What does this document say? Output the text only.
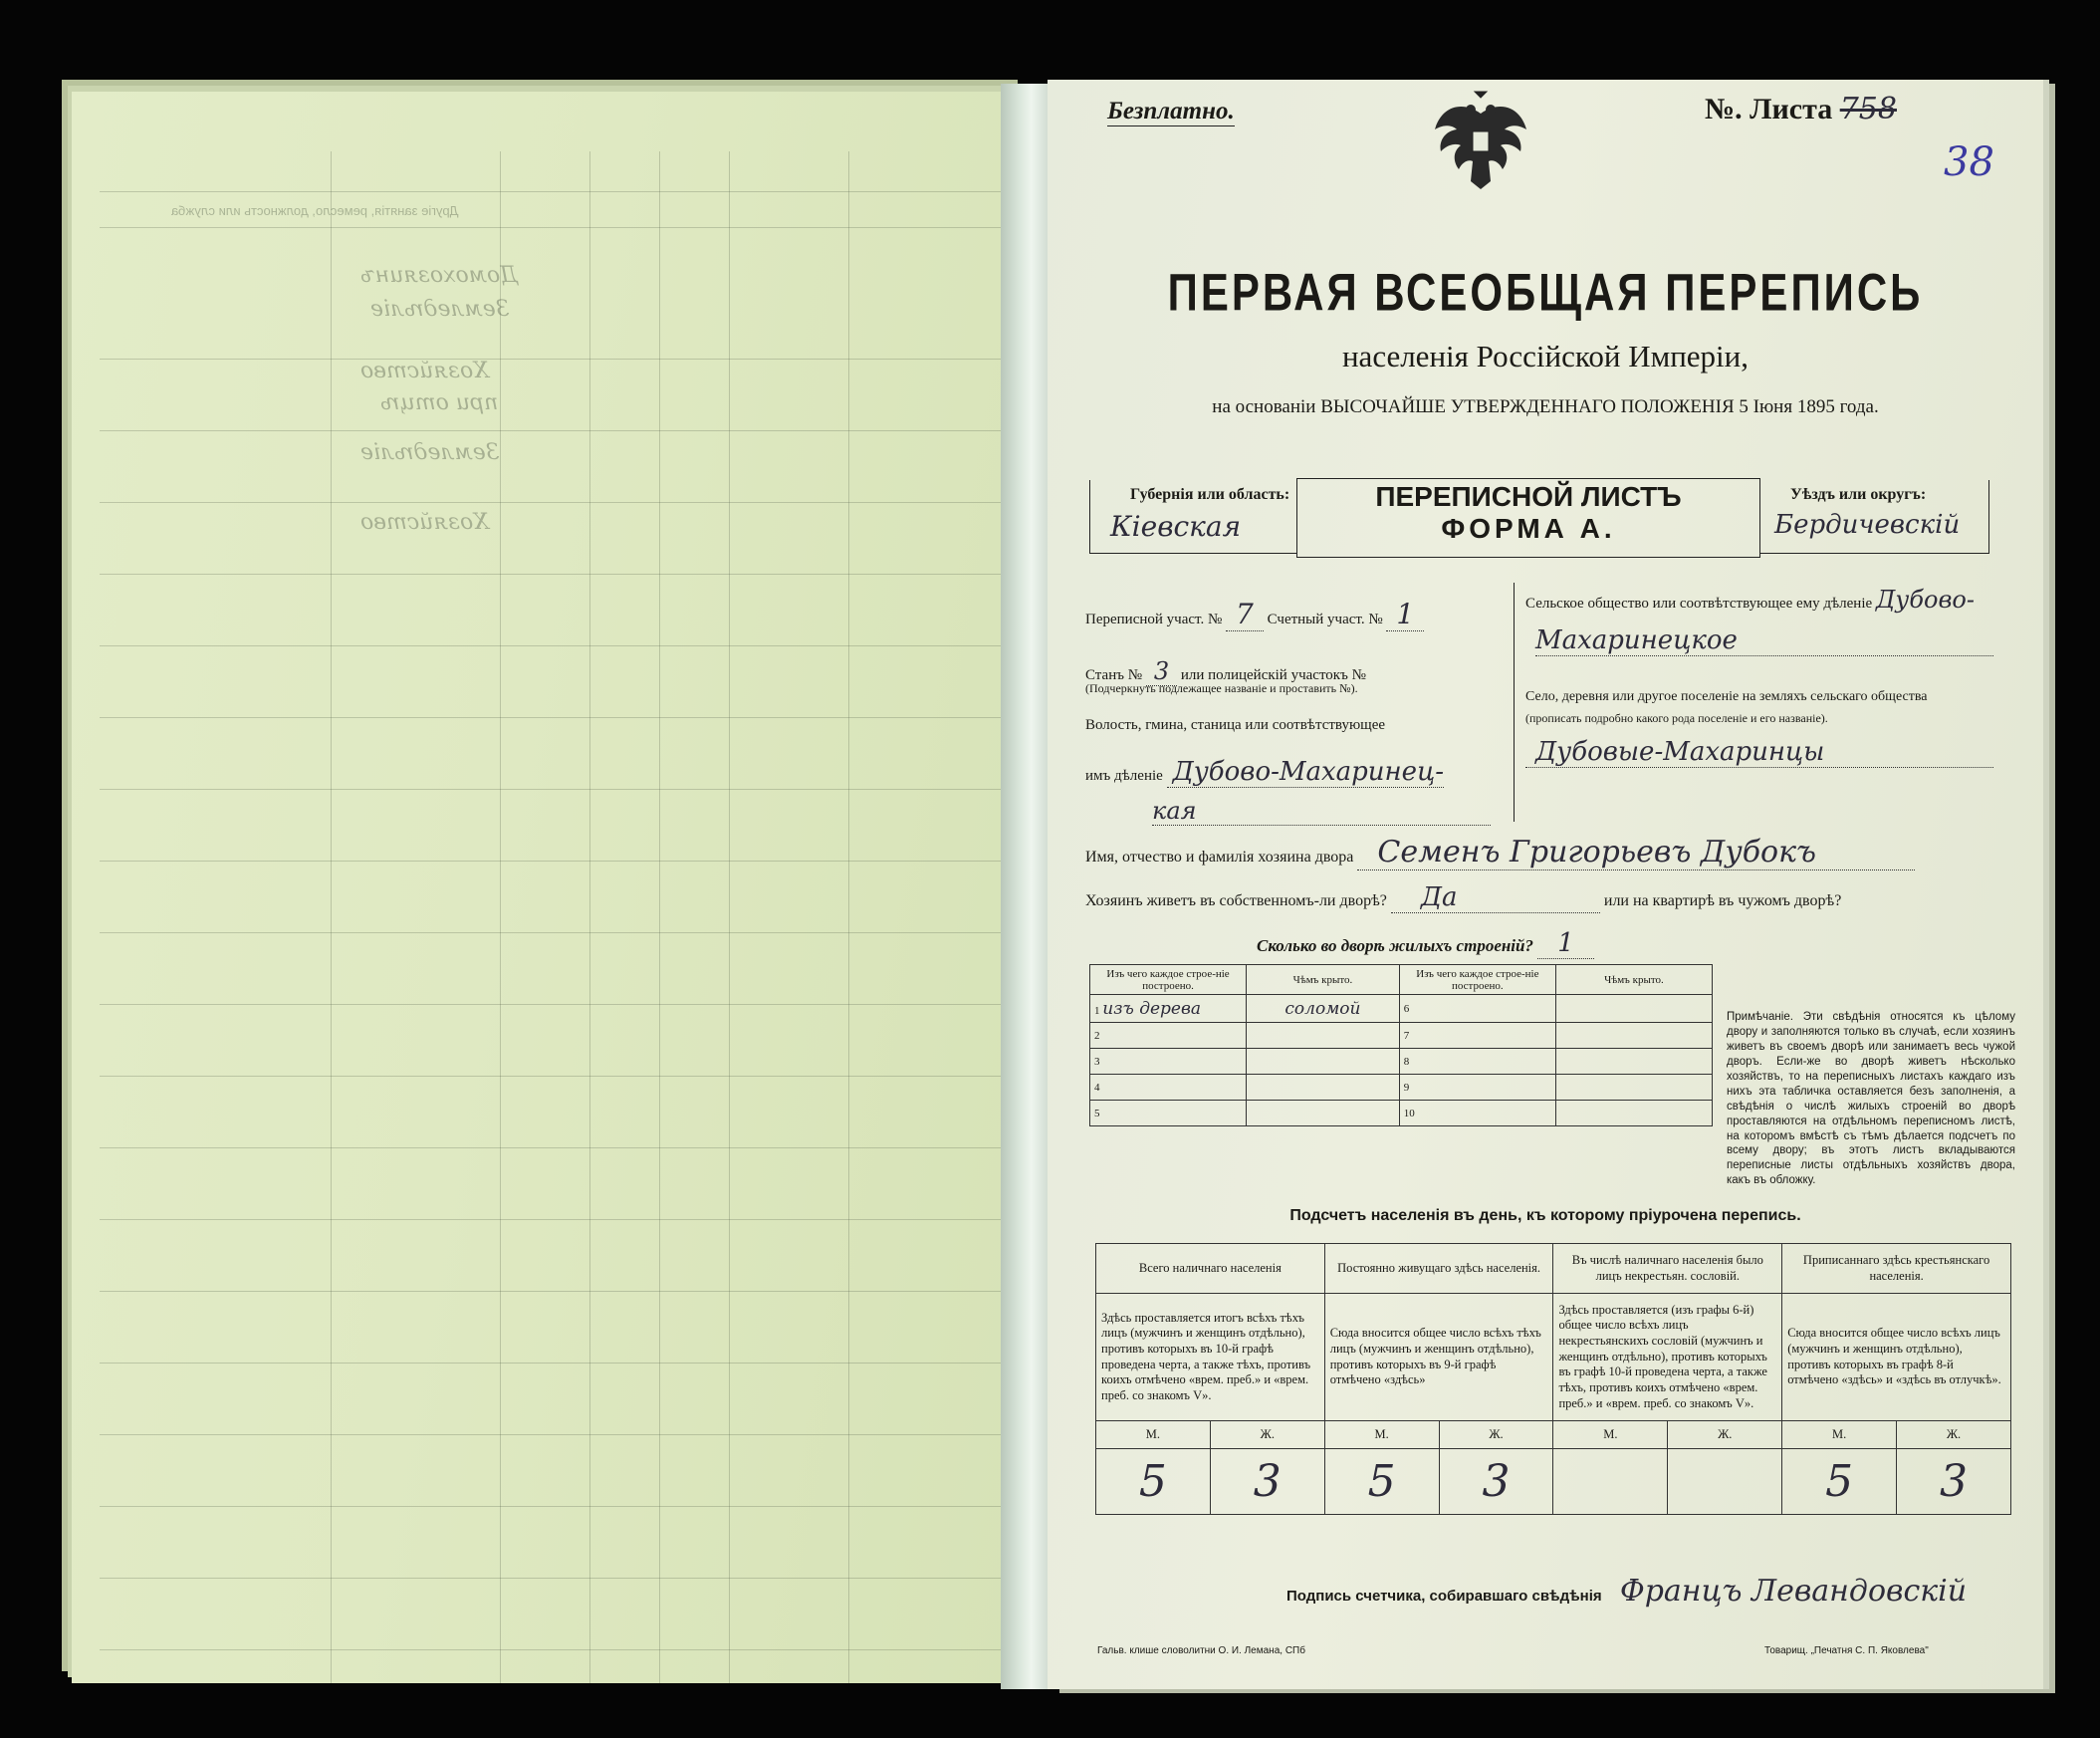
Другіе занятія, ремесло, должность или служба
Домохозяинъ
Земледѣліе
Хозяйство
при отцѣ
Земледѣліе
Хозяйство
Безплатно.	№. Листа 758
38
ПЕРВАЯ ВСЕОБЩАЯ ПЕРЕПИСЬ
населенія Россійской Имперіи,
на основаніи ВЫСОЧАЙШЕ УТВЕРЖДЕННАГО ПОЛОЖЕНІЯ 5 Іюня 1895 года.
Губернія или область:
Кіевская
ПЕРЕПИСНОЙ ЛИСТЪ
ФОРМА А.
Уѣздъ или округъ:
Бердичевскій
Переписной участ. № 7 Счетный участ. № 1
Станъ № 3 или полицейскій участокъ №
(Подчеркнуть подлежащее названіе и проставить №).
Волость, гмина, станица или соотвѣтствующее
имъ дѣленіе Дубово-Махаринец-
кая
Сельское общество или соотвѣтствующее ему дѣленіе Дубово-
Махаринецкое
Село, деревня или другое поселеніе на земляхъ сельскаго общества
(прописать подробно какого рода поселеніе и его названіе).
Дубовые-Махаринцы
Имя, отчество и фамилія хозяина двора Семенъ Григорьевъ Дубокъ
Хозяинъ живетъ въ собственномъ-ли дворѣ? Да	или на квартирѣ въ чужомъ дворѣ?
Сколько во дворѣ жилыхъ строеній? 1
Изъ чего каждое строе-ніе построено.	Чѣмъ крыто.	Изъ чего каждое строе-ніе построено.	Чѣмъ крыто.
1 изъ дерева	соломой	6	
2		7	
3		8	
4		9	
5		10	
Примѣчаніе. Эти свѣдѣнія относятся къ цѣлому двору и заполняются только въ случаѣ, если хозяинъ живетъ въ своемъ дворѣ или занимаетъ весь чужой дворъ. Если-же во дворѣ живетъ нѣсколько хозяйствъ, то на переписныхъ листахъ каждаго изъ нихъ эта табличка оставляется безъ заполненія, а свѣдѣнія о числѣ жилыхъ строеній во дворѣ проставляются на отдѣльномъ переписномъ листѣ, на которомъ вмѣстѣ съ тѣмъ дѣлается подсчетъ по всему двору; въ этотъ листъ вкладываются переписные листы отдѣльныхъ хозяйствъ двора, какъ въ обложку.
Подсчетъ населенія въ день, къ которому пріурочена перепись.
Всего наличнаго населенія		Постоянно живущаго здѣсь населенія.		Въ числѣ наличнаго населенія было лицъ некрестьян. сословій.		Приписаннаго здѣсь крестьянскаго населенія.	
Здѣсь проставляется итогъ всѣхъ тѣхъ лицъ (мужчинъ и женщинъ отдѣльно), противъ которыхъ въ 10-й графѣ проведена черта, а также тѣхъ, противъ коихъ отмѣчено «врем. преб.» и «врем. преб. со знакомъ V».		Сюда вносится общее число всѣхъ тѣхъ лицъ (мужчинъ и женщинъ отдѣльно), противъ которыхъ въ 9-й графѣ отмѣчено «здѣсь»		Здѣсь проставляется (изъ графы 6-й) общее число всѣхъ лицъ некрестьянскихъ сословій (мужчинъ и женщинъ отдѣльно), противъ которыхъ въ графѣ 10-й проведена черта, а также тѣхъ, противъ коихъ отмѣчено «врем. преб.» и «врем. преб. со знакомъ V».		Сюда вносится общее число всѣхъ лицъ (мужчинъ и женщинъ отдѣльно), противъ которыхъ въ графѣ 8-й отмѣчено «здѣсь» и «здѣсь въ отлучкѣ».	
М.	Ж.	М.	Ж.	М.	Ж.	М.	Ж.
5	3	5	3			5	3
Подпись счетчика, собиравшаго свѣдѣнія Францъ Левандовскій
Гальв. клише словолитни О. И. Лемана, СПб	Товарищ. „Печатня С. П. Яковлева"
